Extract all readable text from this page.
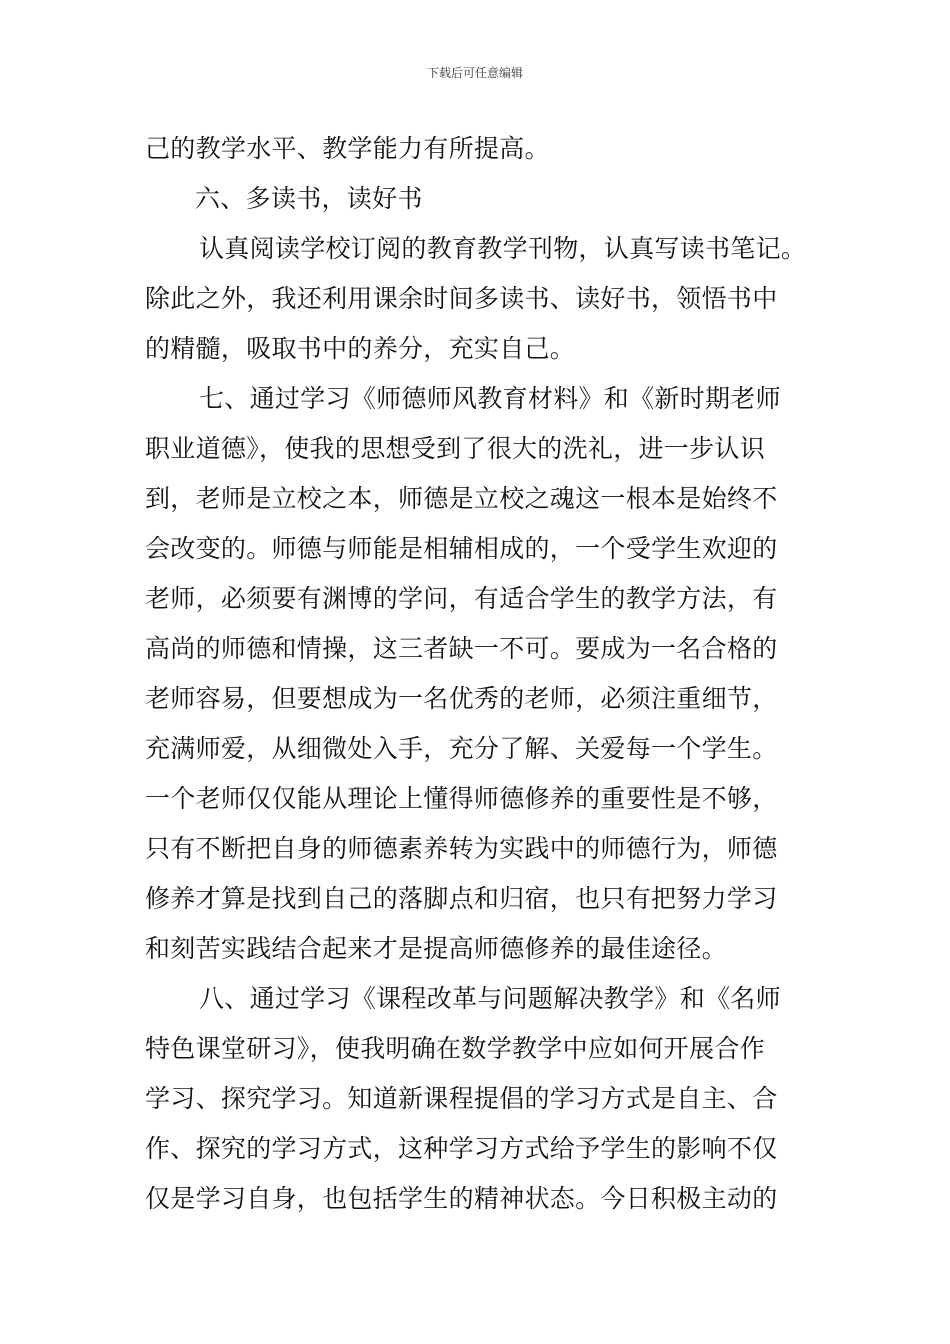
下载后可任意编辑
己的教学水平、教学能力有所提高。
六、多读书，读好书
认真阅读学校订阅的教育教学刊物，认真写读书笔记。
除此之外，我还利用课余时间多读书、读好书，领悟书中
的精髓，吸取书中的养分，充实自己。
七、通过学习《师德师风教育材料》和《新时期老师
职业道德》，使我的思想受到了很大的洗礼，进一步认识
到，老师是立校之本，师德是立校之魂这一根本是始终不
会改变的。师德与师能是相辅相成的，一个受学生欢迎的
老师，必须要有渊博的学问，有适合学生的教学方法，有
高尚的师德和情操，这三者缺一不可。要成为一名合格的
老师容易，但要想成为一名优秀的老师，必须注重细节，
充满师爱，从细微处入手，充分了解、关爱每一个学生。
一个老师仅仅能从理论上懂得师德修养的重要性是不够，
只有不断把自身的师德素养转为实践中的师德行为，师德
修养才算是找到自己的落脚点和归宿，也只有把努力学习
和刻苦实践结合起来才是提高师德修养的最佳途径。
八、通过学习《课程改革与问题解决教学》和《名师
特色课堂研习》，使我明确在数学教学中应如何开展合作
学习、探究学习。知道新课程提倡的学习方式是自主、合
作、探究的学习方式，这种学习方式给予学生的影响不仅
仅是学习自身，也包括学生的精神状态。今日积极主动的
